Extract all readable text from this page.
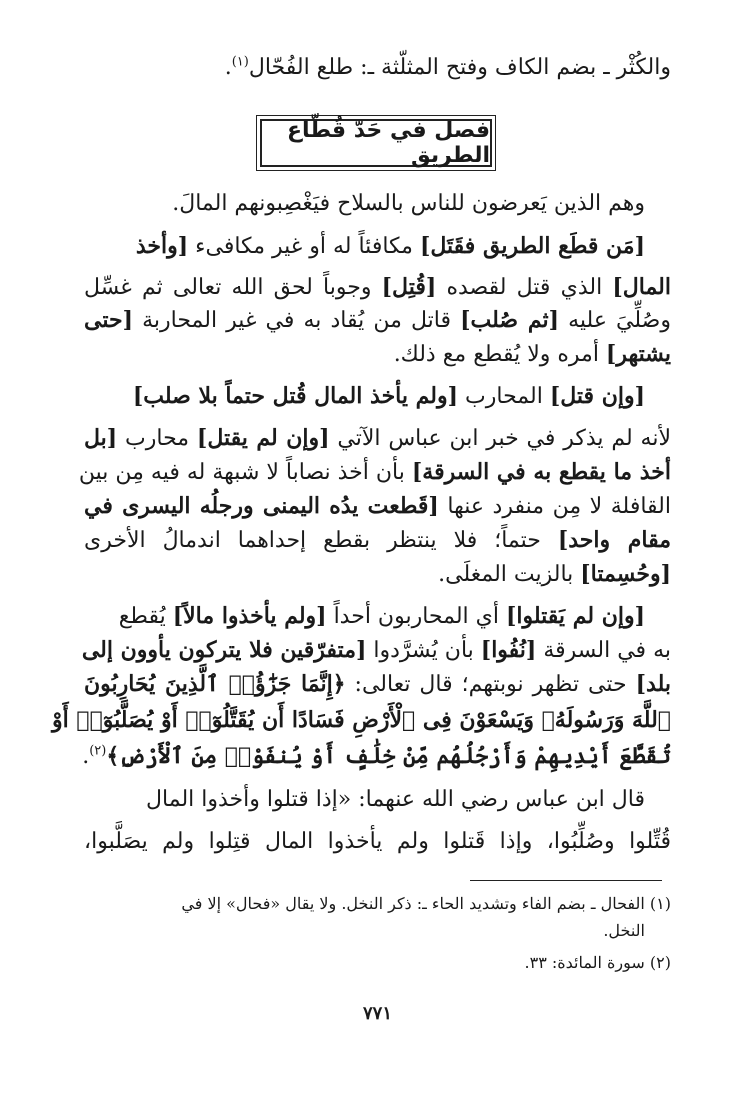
والكُثْر ـ بضم الكاف وفتح المثلّثة ـ: طلع الفُحّال$^{(١)}$.
فصل في حَدّ قُطّاع الطريق
وهم الذين يَعرضون للناس بالسلاح فيَغْصِبونهم المالَ.
[مَن قطَع الطريق فقَتَل] مكافئاً له أو غير مكافىء [وأخذ
المال] الذي قتل لقصده [قُتِل] وجوباً لحق الله تعالى ثم غسِّل
وصُلِّيَ عليه [ثم صُلب] قاتل من يُقاد به في غير المحاربة [حتى
يشتهر] أمره ولا يُقطع مع ذلك.
[وإن قتل] المحارب [ولم يأخذ المال قُتل حتماً بلا صلب]
لأنه لم يذكر في خبر ابن عباس الآتي [وإن لم يقتل] محارب [بل
أخذ ما يقطع به في السرقة] بأن أخذ نصاباً لا شبهة له فيه مِن بين
القافلة لا مِن منفرد عنها [قَطعت يدُه اليمنى ورجلُه اليسرى في
مقام واحد] حتماً؛ فلا ينتظر بقطع إحداهما اندمالُ الأخرى
[وحُسِمتا] بالزيت المغلَى.
[وإن لم يَقتلوا] أي المحاربون أحداً [ولم يأخذوا مالاً] يُقطع
به في السرقة [نُفُوا] بأن يُشرَّدوا [متفرّقين فلا يتركون يأوون إلى
بلد] حتى تظهر نوبتهم؛ قال تعالى: ﴿إِنَّمَا جَزَٰٓؤُا۟ ٱلَّذِينَ يُحَارِبُونَ
ٱللَّهَ وَرَسُولَهُۥ وَيَسْعَوْنَ فِى ٱلْأَرْضِ فَسَادًا أَن يُقَتَّلُوٓا۟ أَوْ يُصَلَّبُوٓا۟ أَوْ
تُقَطَّعَ أَيْدِيهِمْ وَأَرْجُلُهُم مِّنْ خِلَٰفٍ أَوْ يُنفَوْا۟ مِنَ ٱلْأَرْضِ﴾$^{(٢)}$.
قال ابن عباس رضي الله عنهما: «إذا قتلوا وأخذوا المال
قُتِّلوا وصُلِّبُوا، وإذا قَتلوا ولم يأخذوا المال قتِلوا ولم يصَلَّبوا،
(١) الفحال ـ بضم الفاء وتشديد الحاء ـ: ذكر النخل. ولا يقال «فحال» إلا في
النخل.
(٢) سورة المائدة: ٣٣.
٧٧١
